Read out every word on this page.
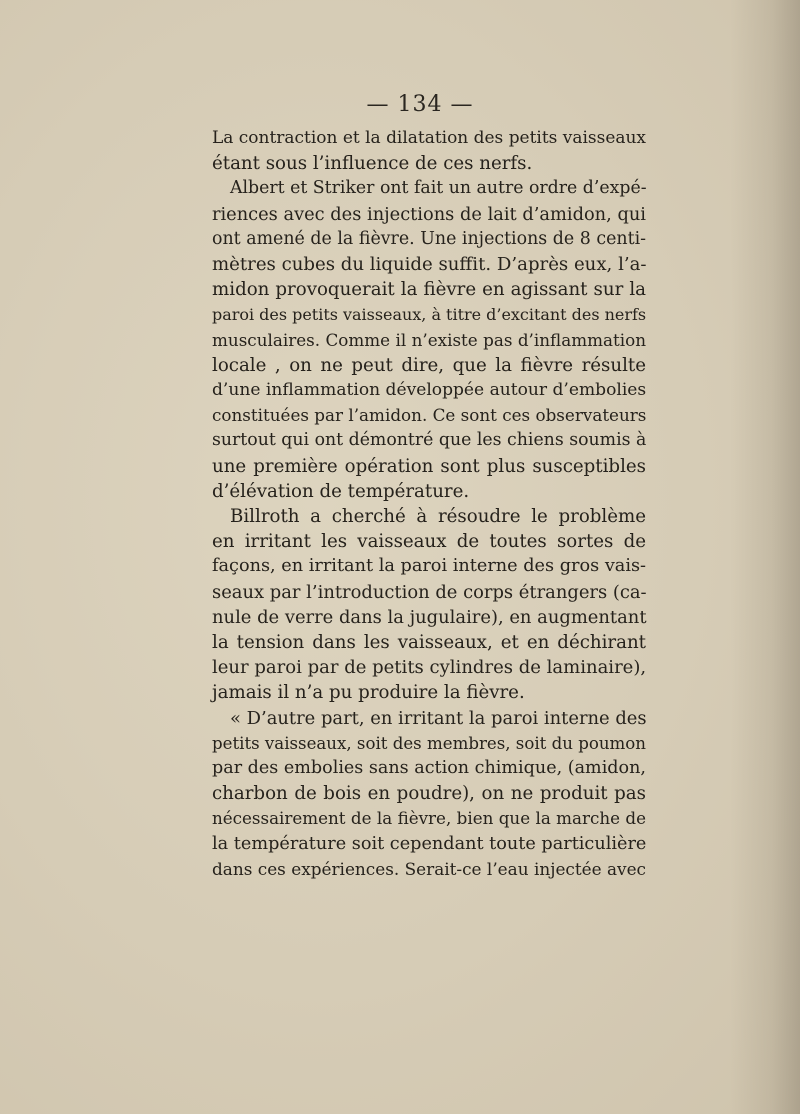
— 134 —
La contraction et la dilatation des petits vaisseaux
étant sous l’influence de ces nerfs.
Albert et Striker ont fait un autre ordre d’expé-
riences avec des injections de lait d’amidon, qui
ont amené de la fièvre. Une injections de 8 centi-
mètres cubes du liquide suffit. D’après eux, l’a-
midon provoquerait la fièvre en agissant sur la
paroi des petits vaisseaux, à titre d’excitant des nerfs
musculaires. Comme il n’existe pas d’inflammation
locale , on ne peut dire, que la fièvre résulte
d’une inflammation développée autour d’embolies
constituées par l’amidon. Ce sont ces observateurs
surtout qui ont démontré que les chiens soumis à
une première opération sont plus susceptibles
d’élévation de température.
Billroth a cherché à résoudre le problème
en irritant les vaisseaux de toutes sortes de
façons, en irritant la paroi interne des gros vais-
seaux par l’introduction de corps étrangers (ca-
nule de verre dans la jugulaire), en augmentant
la tension dans les vaisseaux, et en déchirant
leur paroi par de petits cylindres de laminaire),
jamais il n’a pu produire la fièvre.
« D’autre part, en irritant la paroi interne des
petits vaisseaux, soit des membres, soit du poumon
par des embolies sans action chimique, (amidon,
charbon de bois en poudre), on ne produit pas
nécessairement de la fièvre, bien que la marche de
la température soit cependant toute particulière
dans ces expériences. Serait-ce l’eau injectée avec
